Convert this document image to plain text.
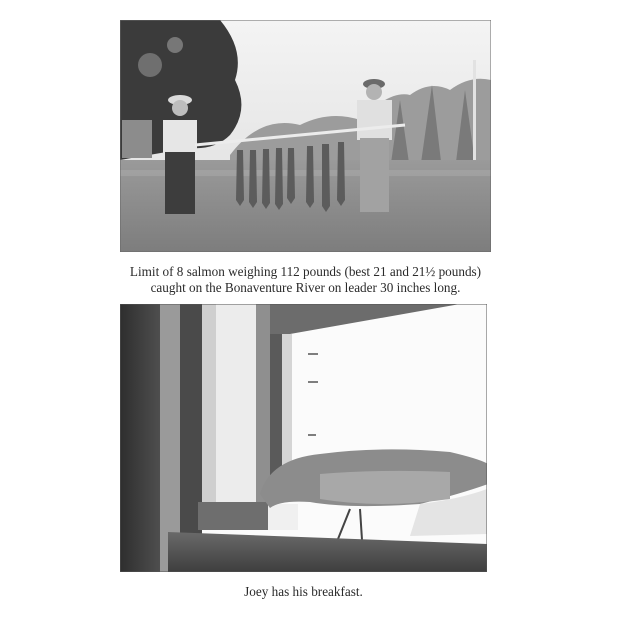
Limit of 8 salmon weighing 112 pounds (best 21 and 21½ pounds)
caught on the Bonaventure River on leader 30 inches long.
Joey has his breakfast.
